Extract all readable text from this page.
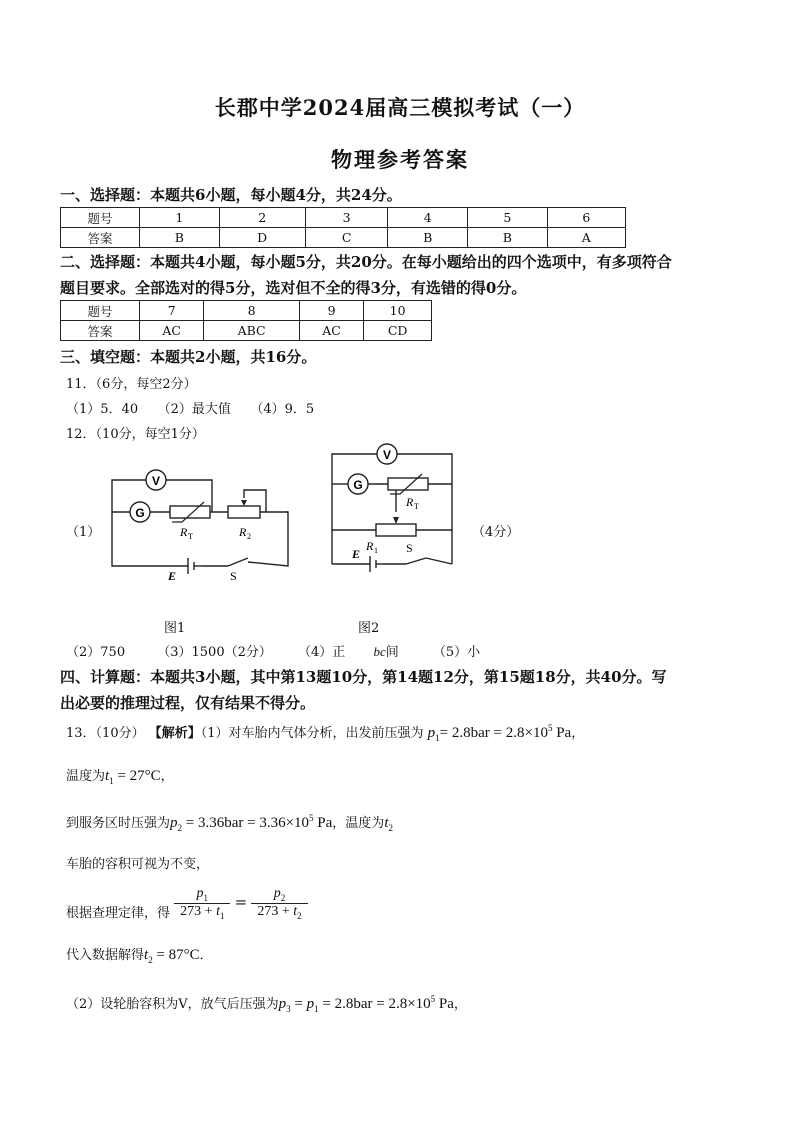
长郡中学2024届高三模拟考试（一）
物理参考答案
一、选择题：本题共6小题，每小题4分，共24分。
题号	1	2	3	4	5	6
答案	B	D	C	B	B	A
二、选择题：本题共4小题，每小题5分，共20分。在每小题给出的四个选项中，有多项符合
题目要求。全部选对的得5分，选对但不全的得3分，有选错的得0分。
题号	7	8	9	10
答案	AC	ABC	AC	CD
三、填空题：本题共2小题，共16分。
11．（6分，每空2分）
（1）5．40　　（2）最大值　　（4）9．5
12．（10分，每空1分）
（1）	（4分）
V
G
R T	R 2
E	S
V
G
R T
R 1
E	S
图1	图2
（2）750 （3）1500（2分） （4）正 bc间	（5）小
四、计算题：本题共3小题，其中第13题10分，第14题12分，第15题18分，共40分。写
出必要的推理过程，仅有结果不得分。
13．（10分） 【解析】（1）对车胎内气体分析，出发前压强为 $p_1= 2.8bar = 2.8\times 10^5$ Pa，
温度为$t_1 = 27^\circ C$，
到服务区时压强为$p_2 = 3.36bar = 3.36\times 10^5$ Pa，温度为$t_2$
车胎的容积可视为不变，
根据查理定律，得 $\frac{p_1}{273 + t_1} = \frac{p_2}{273 + t_2}$
代入数据解得$t_2 = 87^\circ C$．
（2）设轮胎容积为V，放气后压强为$p_3 = p_1 = 2.8bar = 2.8\times 10^5$ Pa，
